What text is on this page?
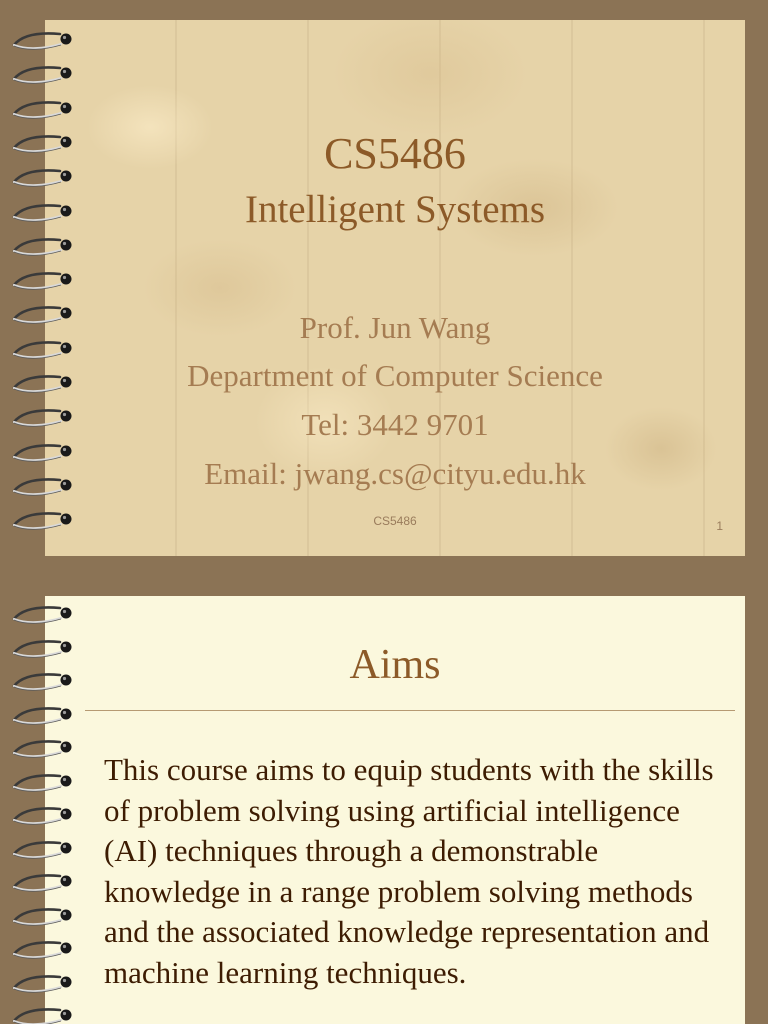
CS5486
Intelligent Systems
Prof. Jun Wang
Department of Computer Science
Tel: 3442 9701
Email: jwang.cs@cityu.edu.hk
CS5486	1
Aims
This course aims to equip students with the skills of problem solving using artificial intelligence (AI) techniques through a demonstrable knowledge in a range problem solving methods and the associated knowledge representation and machine learning techniques.
